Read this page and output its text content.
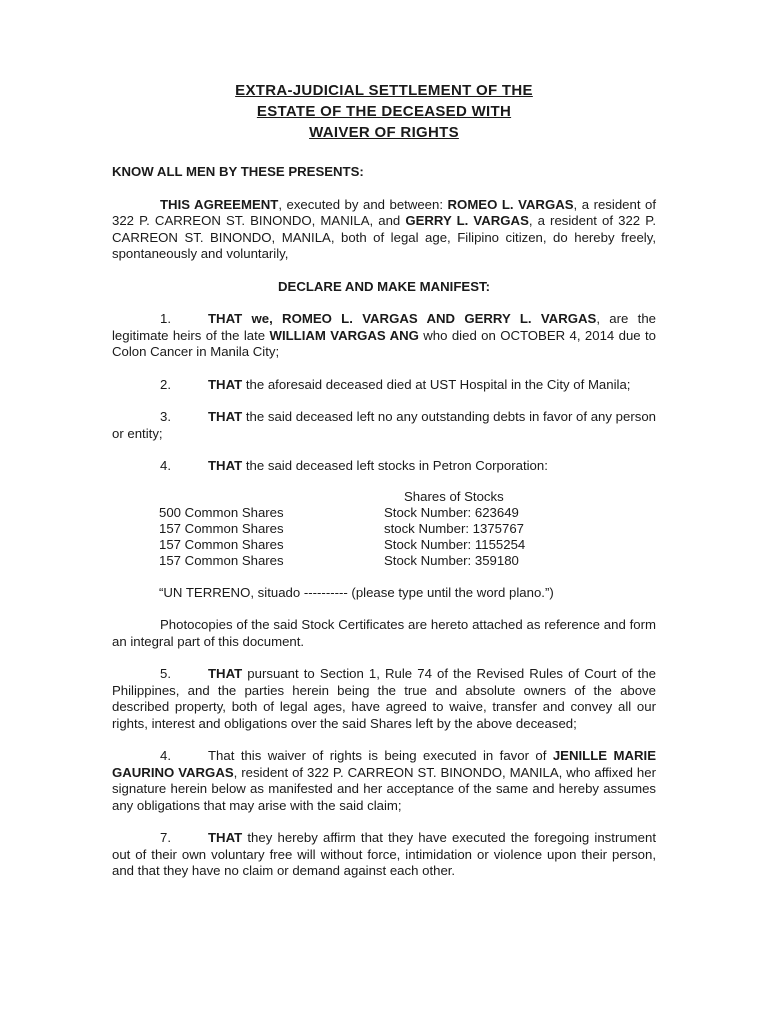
EXTRA-JUDICIAL SETTLEMENT OF THE
ESTATE OF THE DECEASED WITH
WAIVER OF RIGHTS

KNOW ALL MEN BY THESE PRESENTS:

THIS AGREEMENT, executed by and between: ROMEO L. VARGAS, a resident of 322 P. CARREON ST. BINONDO, MANILA, and GERRY L. VARGAS, a resident of 322 P. CARREON ST. BINONDO, MANILA, both of legal age, Filipino citizen, do hereby freely, spontaneously and voluntarily,

DECLARE AND MAKE MANIFEST:

1.	THAT we, ROMEO L. VARGAS AND GERRY L. VARGAS, are the legitimate heirs of the late WILLIAM VARGAS ANG who died on OCTOBER 4, 2014 due to Colon Cancer in Manila City;

2.	THAT the aforesaid deceased died at UST Hospital in the City of Manila;

3.	THAT the said deceased left no any outstanding debts in favor of any person or entity;

4.	THAT the said deceased left stocks in Petron Corporation:

Shares of Stocks
500 Common Shares	Stock Number: 623649
157 Common Shares	stock Number: 1375767
157 Common Shares	Stock Number: 1155254
157 Common Shares	Stock Number: 359180

“UN TERRENO, situado ---------- (please type until the word plano.”)

Photocopies of the said Stock Certificates are hereto attached as reference and form an integral part of this document.

5.	THAT pursuant to Section 1, Rule 74 of the Revised Rules of Court of the Philippines, and the parties herein being the true and absolute owners of the above described property, both of legal ages, have agreed to waive, transfer and convey all our rights, interest and obligations over the said Shares left by the above deceased;

4.	That this waiver of rights is being executed in favor of JENILLE MARIE GAURINO VARGAS, resident of 322 P. CARREON ST. BINONDO, MANILA, who affixed her signature herein below as manifested and her acceptance of the same and hereby assumes any obligations that may arise with the said claim;

7.	THAT they hereby affirm that they have executed the foregoing instrument out of their own voluntary free will without force, intimidation or violence upon their person, and that they have no claim or demand against each other.
